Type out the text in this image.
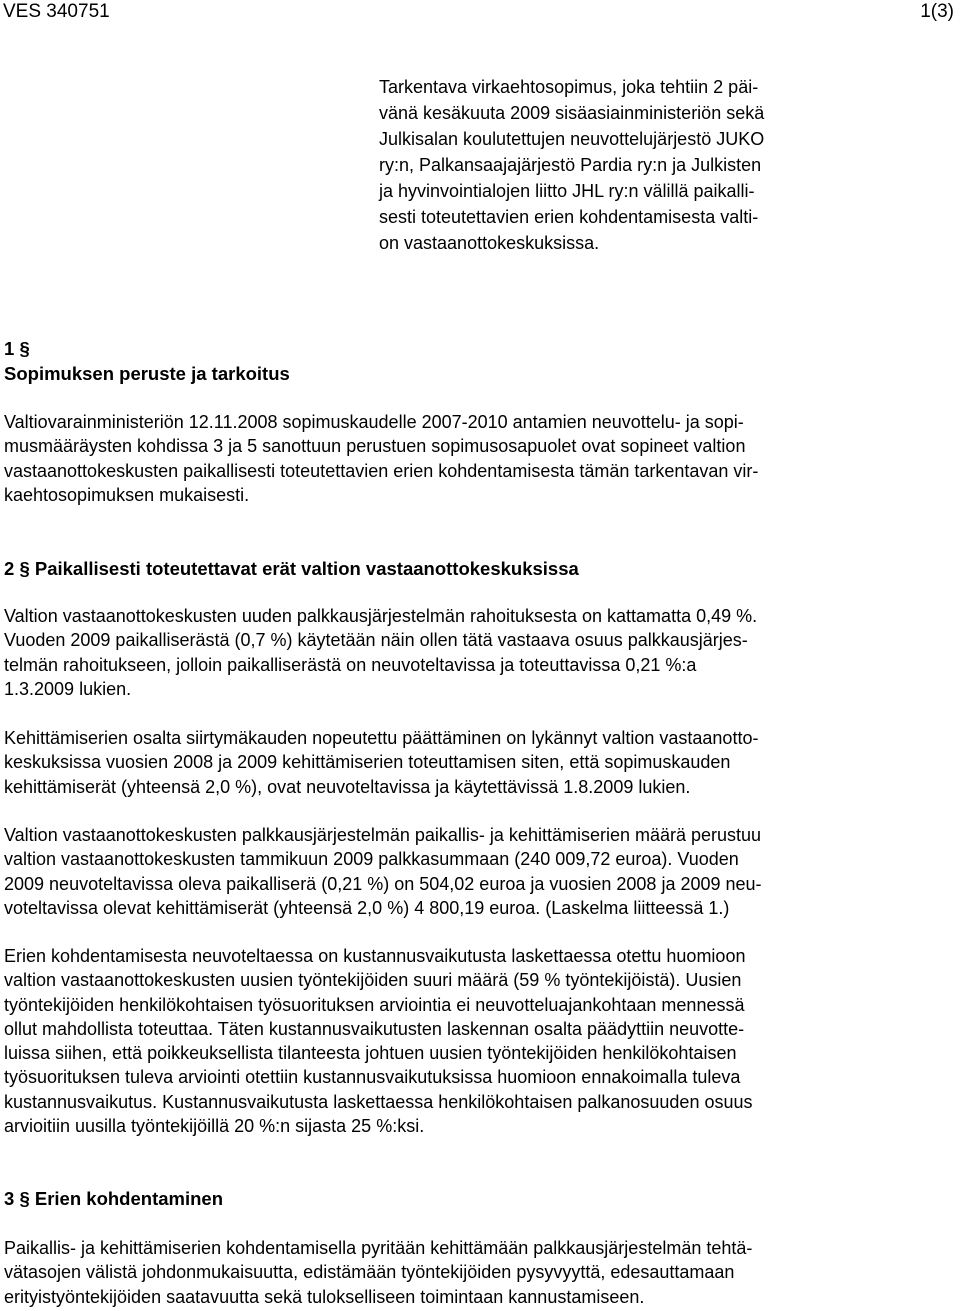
VES 340751	1(3)
Tarkentava virkaehtosopimus, joka tehtiin 2 päi-
vänä kesäkuuta 2009 sisäasiainministeriön sekä
Julkisalan koulutettujen neuvottelujärjestö JUKO
ry:n, Palkansaajajärjestö Pardia ry:n ja Julkisten
ja hyvinvointialojen liitto JHL ry:n välillä paikalli-
sesti toteutettavien erien kohdentamisesta valti-
on vastaanottokeskuksissa.
1 §
Sopimuksen peruste ja tarkoitus
Valtiovarainministeriön 12.11.2008 sopimuskaudelle 2007-2010 antamien neuvottelu- ja sopi-
musmääräysten kohdissa 3 ja 5 sanottuun perustuen sopimusosapuolet ovat sopineet valtion
vastaanottokeskusten paikallisesti toteutettavien erien kohdentamisesta tämän tarkentavan vir-
kaehtosopimuksen mukaisesti.
2 § Paikallisesti toteutettavat erät valtion vastaanottokeskuksissa
Valtion vastaanottokeskusten uuden palkkausjärjestelmän rahoituksesta on kattamatta 0,49 %.
Vuoden 2009 paikalliserästä (0,7 %) käytetään näin ollen tätä vastaava osuus palkkausjärjes-
telmän rahoitukseen, jolloin paikalliserästä on neuvoteltavissa ja toteuttavissa 0,21 %:a
1.3.2009 lukien.
Kehittämiserien osalta siirtymäkauden nopeutettu päättäminen on lykännyt valtion vastaanotto-
keskuksissa vuosien 2008 ja 2009 kehittämiserien toteuttamisen siten, että sopimuskauden
kehittämiserät (yhteensä 2,0 %), ovat neuvoteltavissa ja käytettävissä 1.8.2009 lukien.
Valtion vastaanottokeskusten palkkausjärjestelmän paikallis- ja kehittämiserien määrä perustuu
valtion vastaanottokeskusten tammikuun 2009 palkkasummaan (240 009,72 euroa). Vuoden
2009 neuvoteltavissa oleva paikalliserä (0,21 %) on 504,02 euroa ja vuosien 2008 ja 2009 neu-
voteltavissa olevat kehittämiserät (yhteensä 2,0 %) 4 800,19 euroa. (Laskelma liitteessä 1.)
Erien kohdentamisesta neuvoteltaessa on kustannusvaikutusta laskettaessa otettu huomioon
valtion vastaanottokeskusten uusien työntekijöiden suuri määrä (59 % työntekijöistä). Uusien
työntekijöiden henkilökohtaisen työsuorituksen arviointia ei neuvotteluajankohtaan mennessä
ollut mahdollista toteuttaa. Täten kustannusvaikutusten laskennan osalta päädyttiin neuvotte-
luissa siihen, että poikkeuksellista tilanteesta johtuen uusien työntekijöiden henkilökohtaisen
työsuorituksen tuleva arviointi otettiin kustannusvaikutuksissa huomioon ennakoimalla tuleva
kustannusvaikutus. Kustannusvaikutusta laskettaessa henkilökohtaisen palkanosuuden osuus
arvioitiin uusilla työntekijöillä 20 %:n sijasta 25 %:ksi.
3 § Erien kohdentaminen
Paikallis- ja kehittämiserien kohdentamisella pyritään kehittämään palkkausjärjestelmän tehtä-
vätasojen välistä johdonmukaisuutta, edistämään työntekijöiden pysyvyyttä, edesauttamaan
erityistyöntekijöiden saatavuutta sekä tulokselliseen toimintaan kannustamiseen.
